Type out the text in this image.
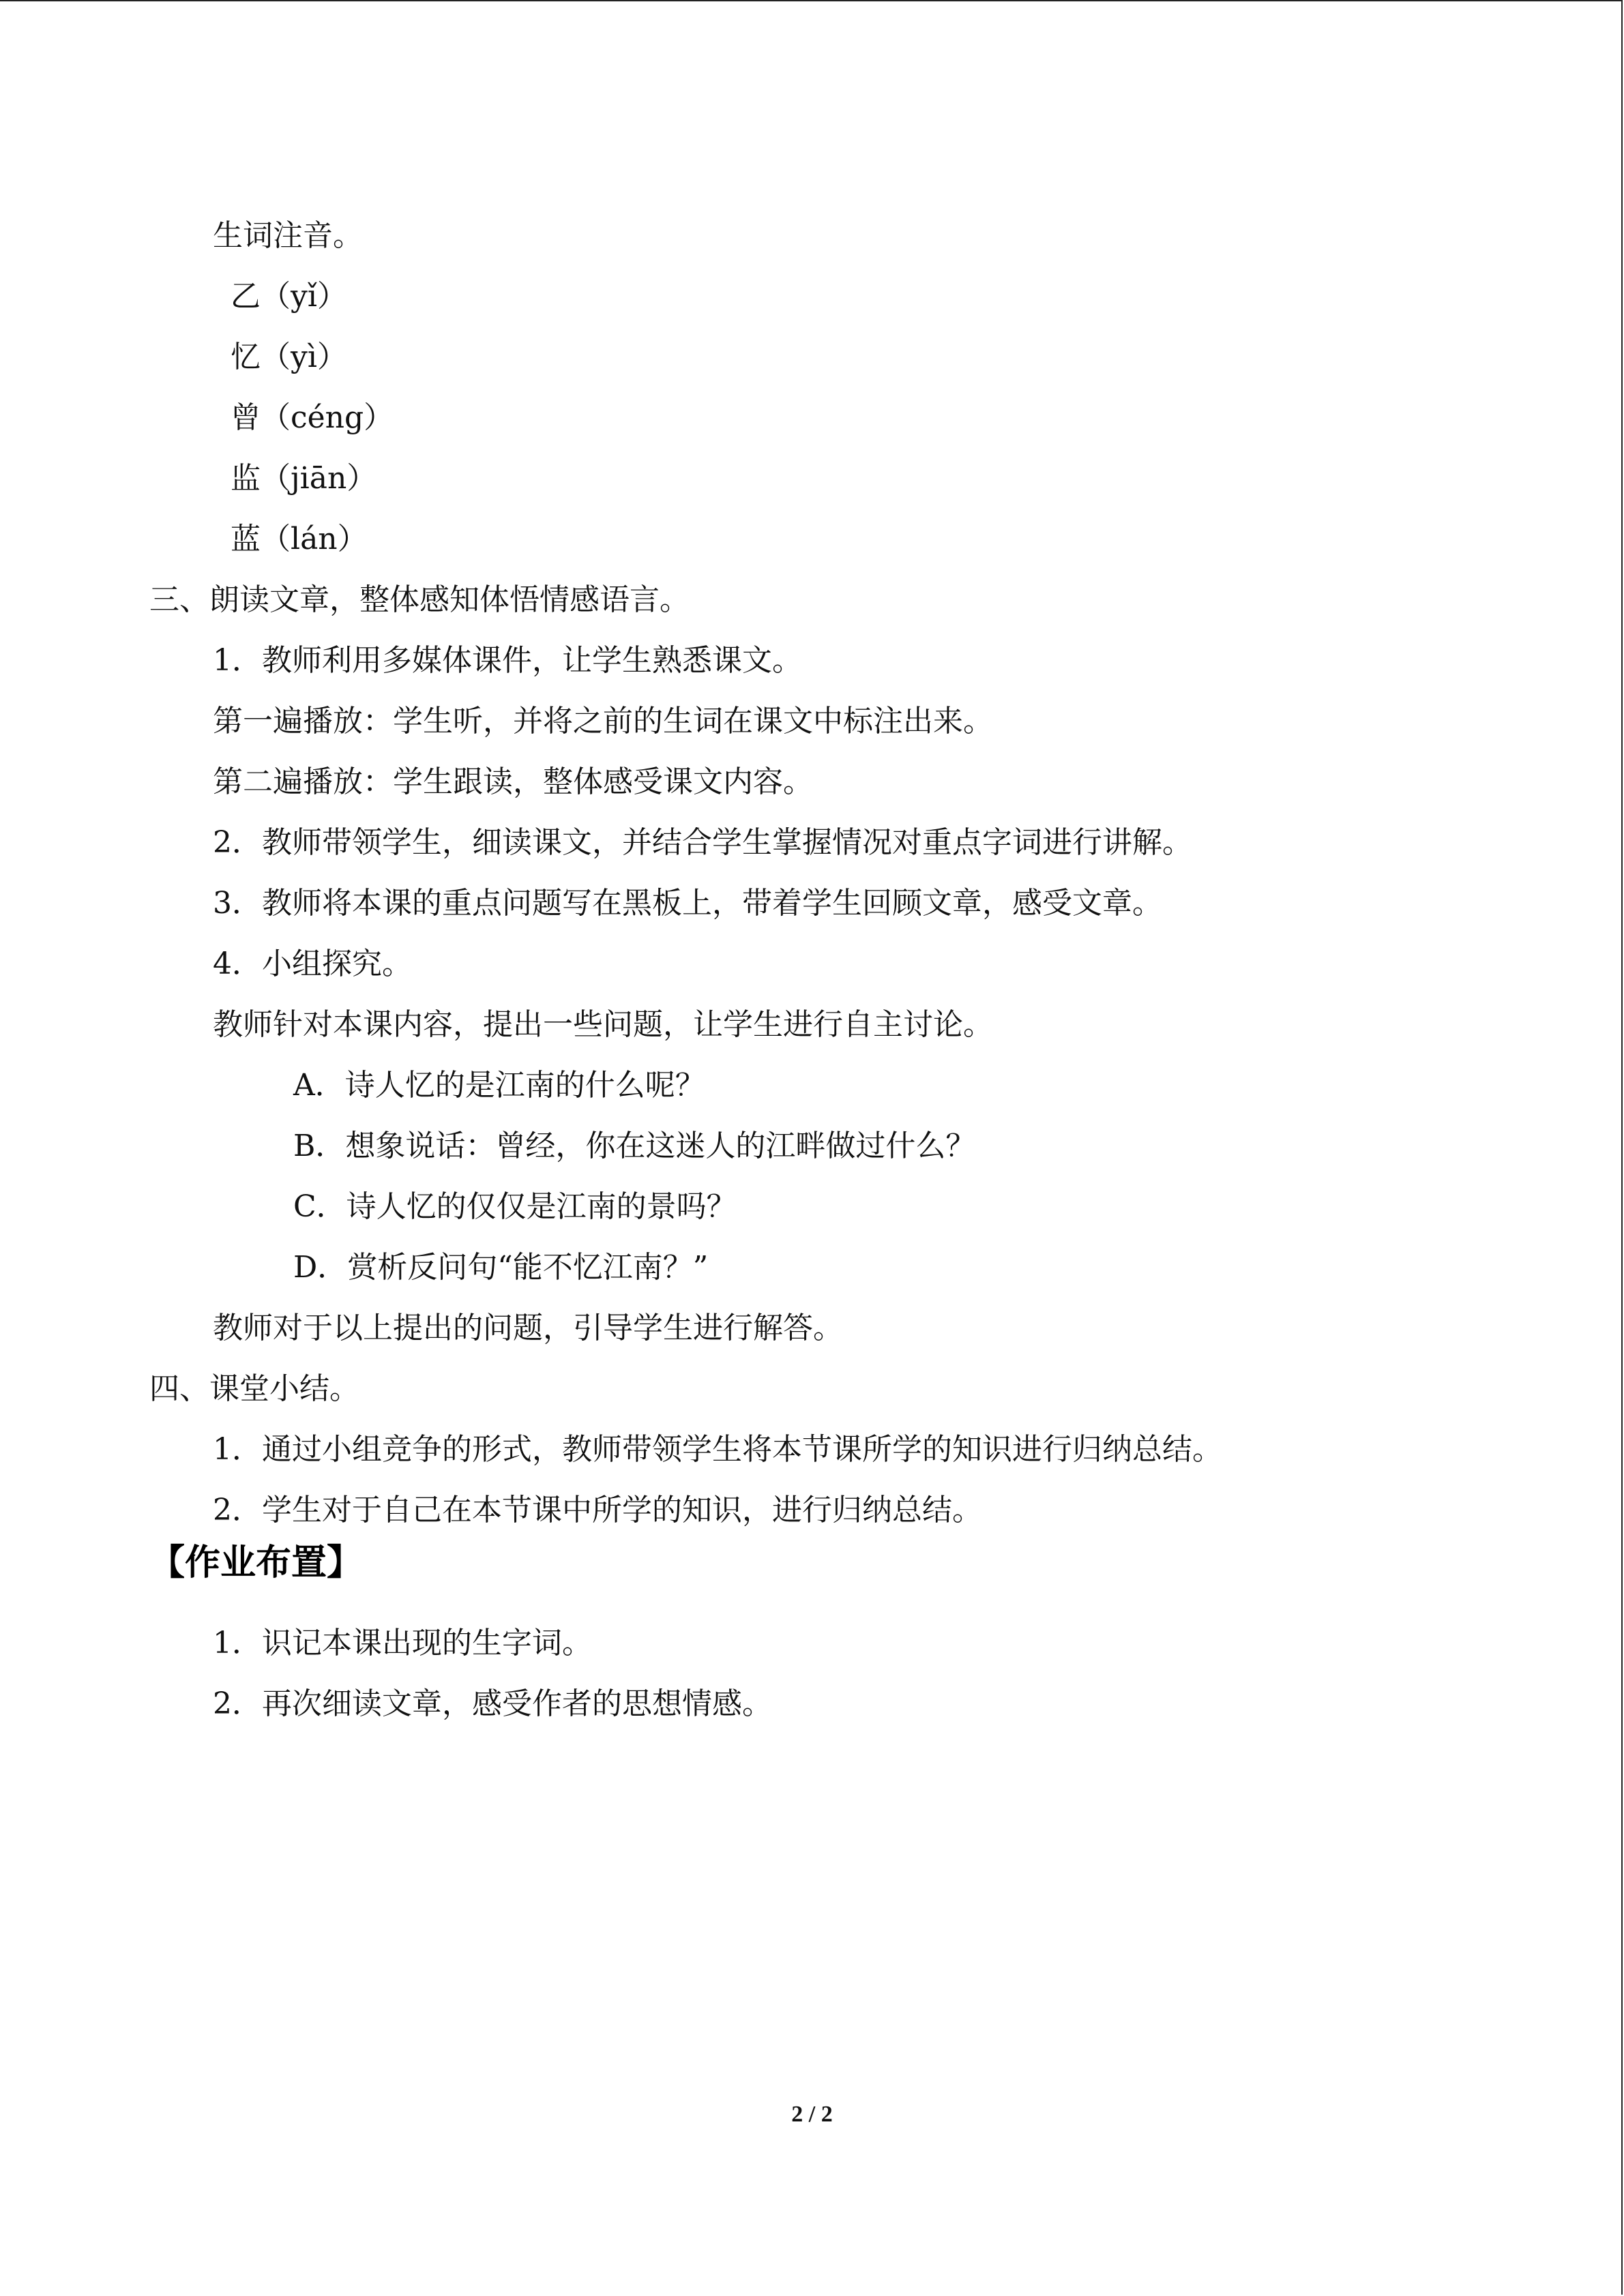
生词注音。
乙（yǐ）
忆（yì）
曾（céng）
监（jiān）
蓝（lán）
三、朗读文章，整体感知体悟情感语言。
1．教师利用多媒体课件，让学生熟悉课文。
第一遍播放：学生听，并将之前的生词在课文中标注出来。
第二遍播放：学生跟读，整体感受课文内容。
2．教师带领学生，细读课文，并结合学生掌握情况对重点字词进行讲解。
3．教师将本课的重点问题写在黑板上，带着学生回顾文章，感受文章。
4．小组探究。
教师针对本课内容，提出一些问题，让学生进行自主讨论。
A．诗人忆的是江南的什么呢？
B．想象说话：曾经，你在这迷人的江畔做过什么？
C．诗人忆的仅仅是江南的景吗？
D．赏析反问句“能不忆江南？”
教师对于以上提出的问题，引导学生进行解答。
四、课堂小结。
1．通过小组竞争的形式，教师带领学生将本节课所学的知识进行归纳总结。
2．学生对于自己在本节课中所学的知识，进行归纳总结。
【作业布置】
1．识记本课出现的生字词。
2．再次细读文章，感受作者的思想情感。
2 / 2
